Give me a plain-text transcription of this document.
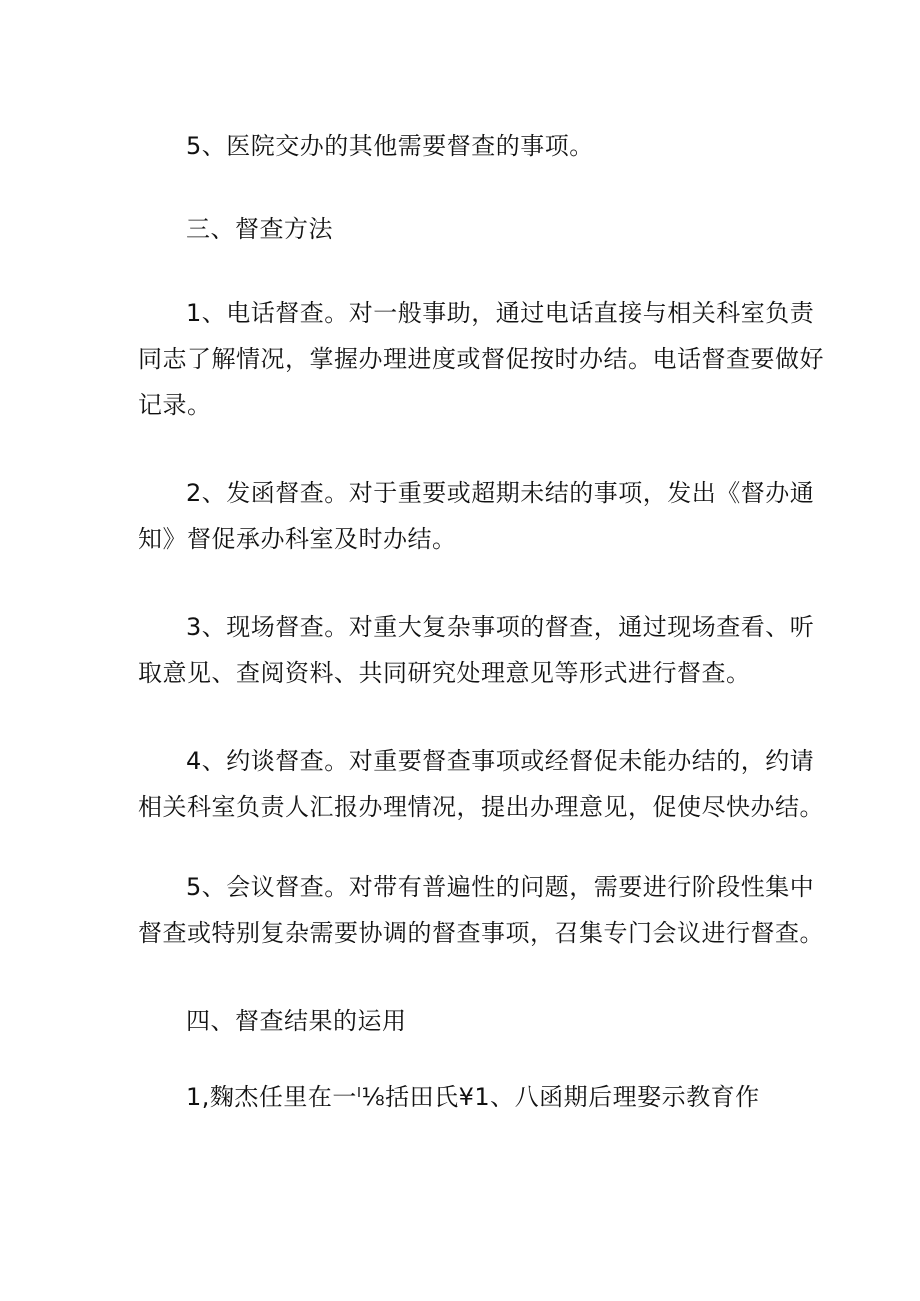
5、医院交办的其他需要督查的事项。
三、督查方法
1、电话督查。对一般事助，通过电话直接与相关科室负责
同志了解情况，掌握办理进度或督促按时办结。电话督查要做好
记录。
2、发函督查。对于重要或超期未结的事项，发出《督办通
知》督促承办科室及时办结。
3、现场督查。对重大复杂事项的督查，通过现场查看、听
取意见、查阅资料、共同研究处理意见等形式进行督查。
4、约谈督查。对重要督查事项或经督促未能办结的，约请
相关科室负责人汇报办理情况，提出办理意见，促使尽快办结。
5、会议督查。对带有普遍性的问题，需要进行阶段性集中
督查或特别复杂需要协调的督查事项，召集专门会议进行督查。
四、督查结果的运用
1,麴杰任里在一ˡ⅛括田氏¥1、八函期后理娶示教育作
